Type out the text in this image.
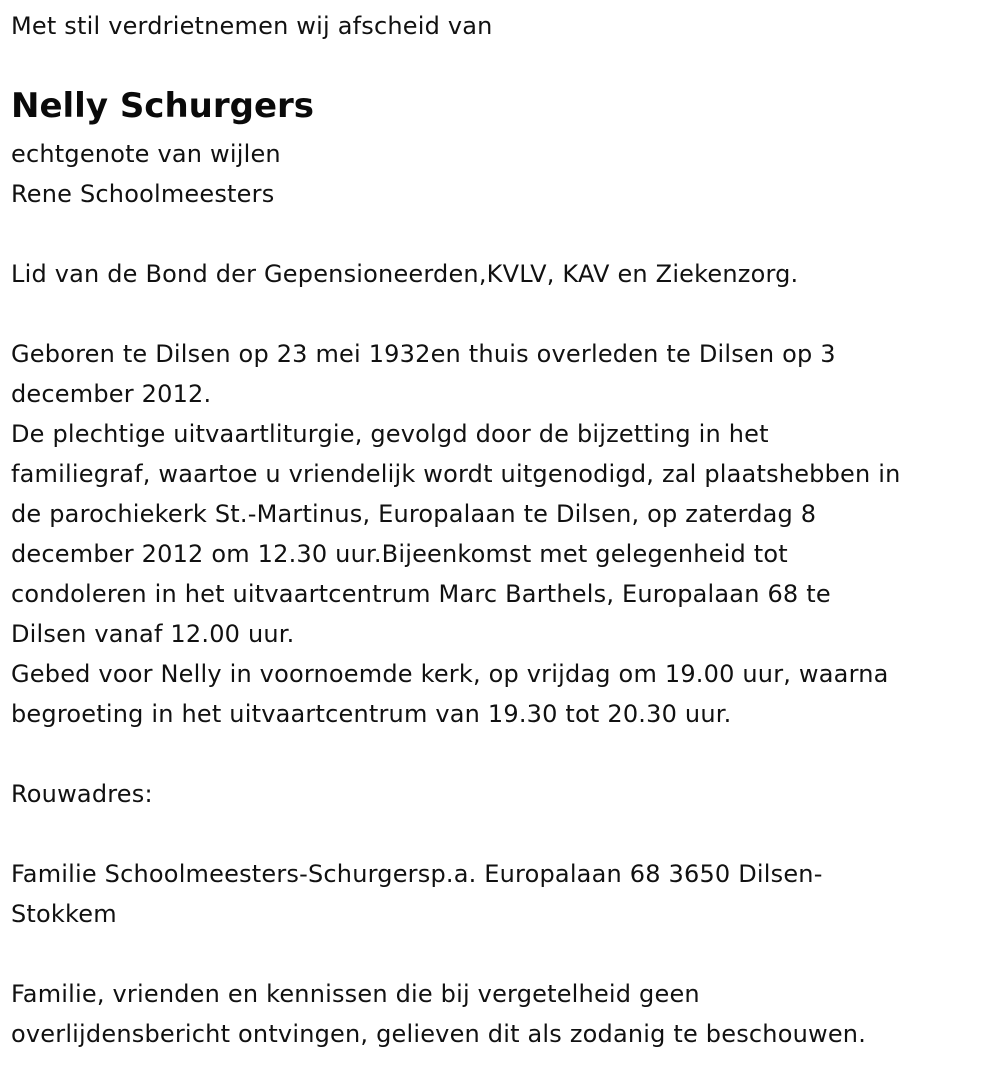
Met stil verdrietnemen wij afscheid van

Nelly Schurgers

echtgenote van wijlen

Rene Schoolmeesters

Lid van de Bond der Gepensioneerden,KVLV, KAV en Ziekenzorg.

Geboren te Dilsen op 23 mei 1932en thuis overleden te Dilsen op 3

december 2012.

De plechtige uitvaartliturgie, gevolgd door de bijzetting in het

familiegraf, waartoe u vriendelijk wordt uitgenodigd, zal plaatshebben in

de parochiekerk St.-Martinus, Europalaan te Dilsen, op zaterdag 8

december 2012 om 12.30 uur.Bijeenkomst met gelegenheid tot

condoleren in het uitvaartcentrum Marc Barthels, Europalaan 68 te

Dilsen vanaf 12.00 uur.

Gebed voor Nelly in voornoemde kerk, op vrijdag om 19.00 uur, waarna

begroeting in het uitvaartcentrum van 19.30 tot 20.30 uur.

Rouwadres:

Familie Schoolmeesters-Schurgersp.a. Europalaan 68 3650 Dilsen-

Stokkem

Familie, vrienden en kennissen die bij vergetelheid geen

overlijdensbericht ontvingen, gelieven dit als zodanig te beschouwen.
